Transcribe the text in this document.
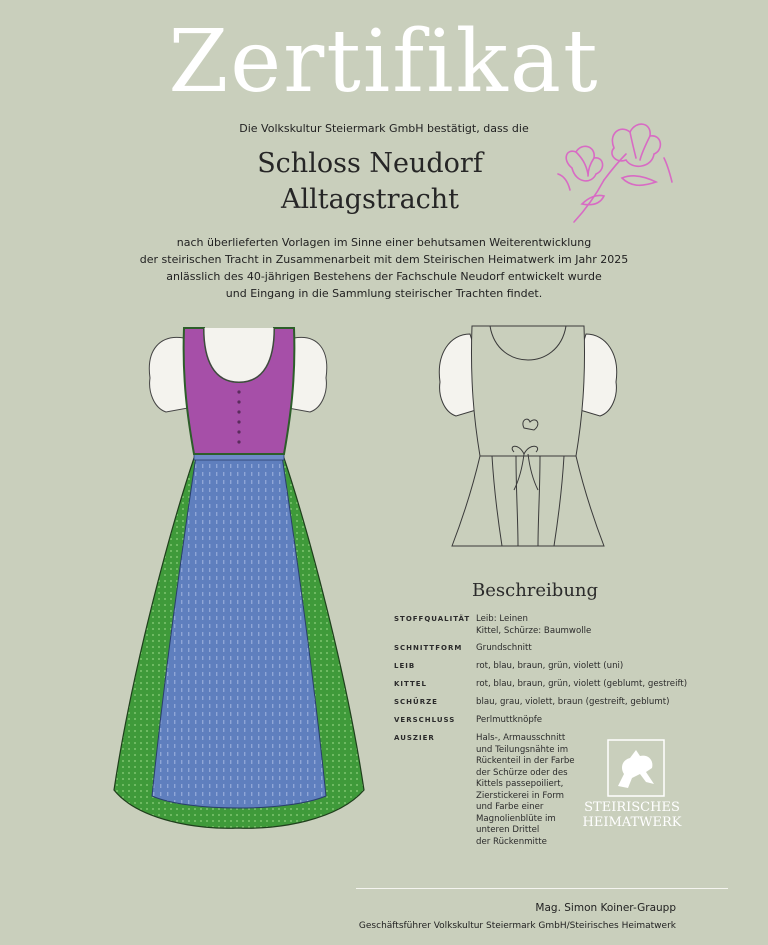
Zertifikat
Die Volkskultur Steiermark GmbH bestätigt, dass die
Schloss Neudorf
Alltagstracht
nach überlieferten Vorlagen im Sinne einer behutsamen Weiterentwicklung
der steirischen Tracht in Zusammenarbeit mit dem Steirischen Heimatwerk im Jahr 2025
anlässlich des 40-jährigen Bestehens der Fachschule Neudorf entwickelt wurde
und Eingang in die Sammlung steirischer Trachten findet.
Beschreibung
STOFFQUALITÄT Leib: Leinen
Kittel, Schürze: Baumwolle
SCHNITTFORM	Grundschnitt
LEIB	rot, blau, braun, grün, violett (uni)
KITTEL	rot, blau, braun, grün, violett (geblumt, gestreift)
SCHÜRZE	blau, grau, violett, braun (gestreift, geblumt)
VERSCHLUSS	Perlmuttknöpfe
AUSZIER	Hals-, Armausschnitt
und Teilungsnähte im
Rückenteil in der Farbe
der Schürze oder des
Kittels passepoiliert,
Zierstickerei in Form
und Farbe einer
Magnolienblüte im
unteren Drittel
der Rückenmitte
STEIRISCHES
HEIMATWERK
Mag. Simon Koiner-Graupp
Geschäftsführer Volkskultur Steiermark GmbH/Steirisches Heimatwerk
